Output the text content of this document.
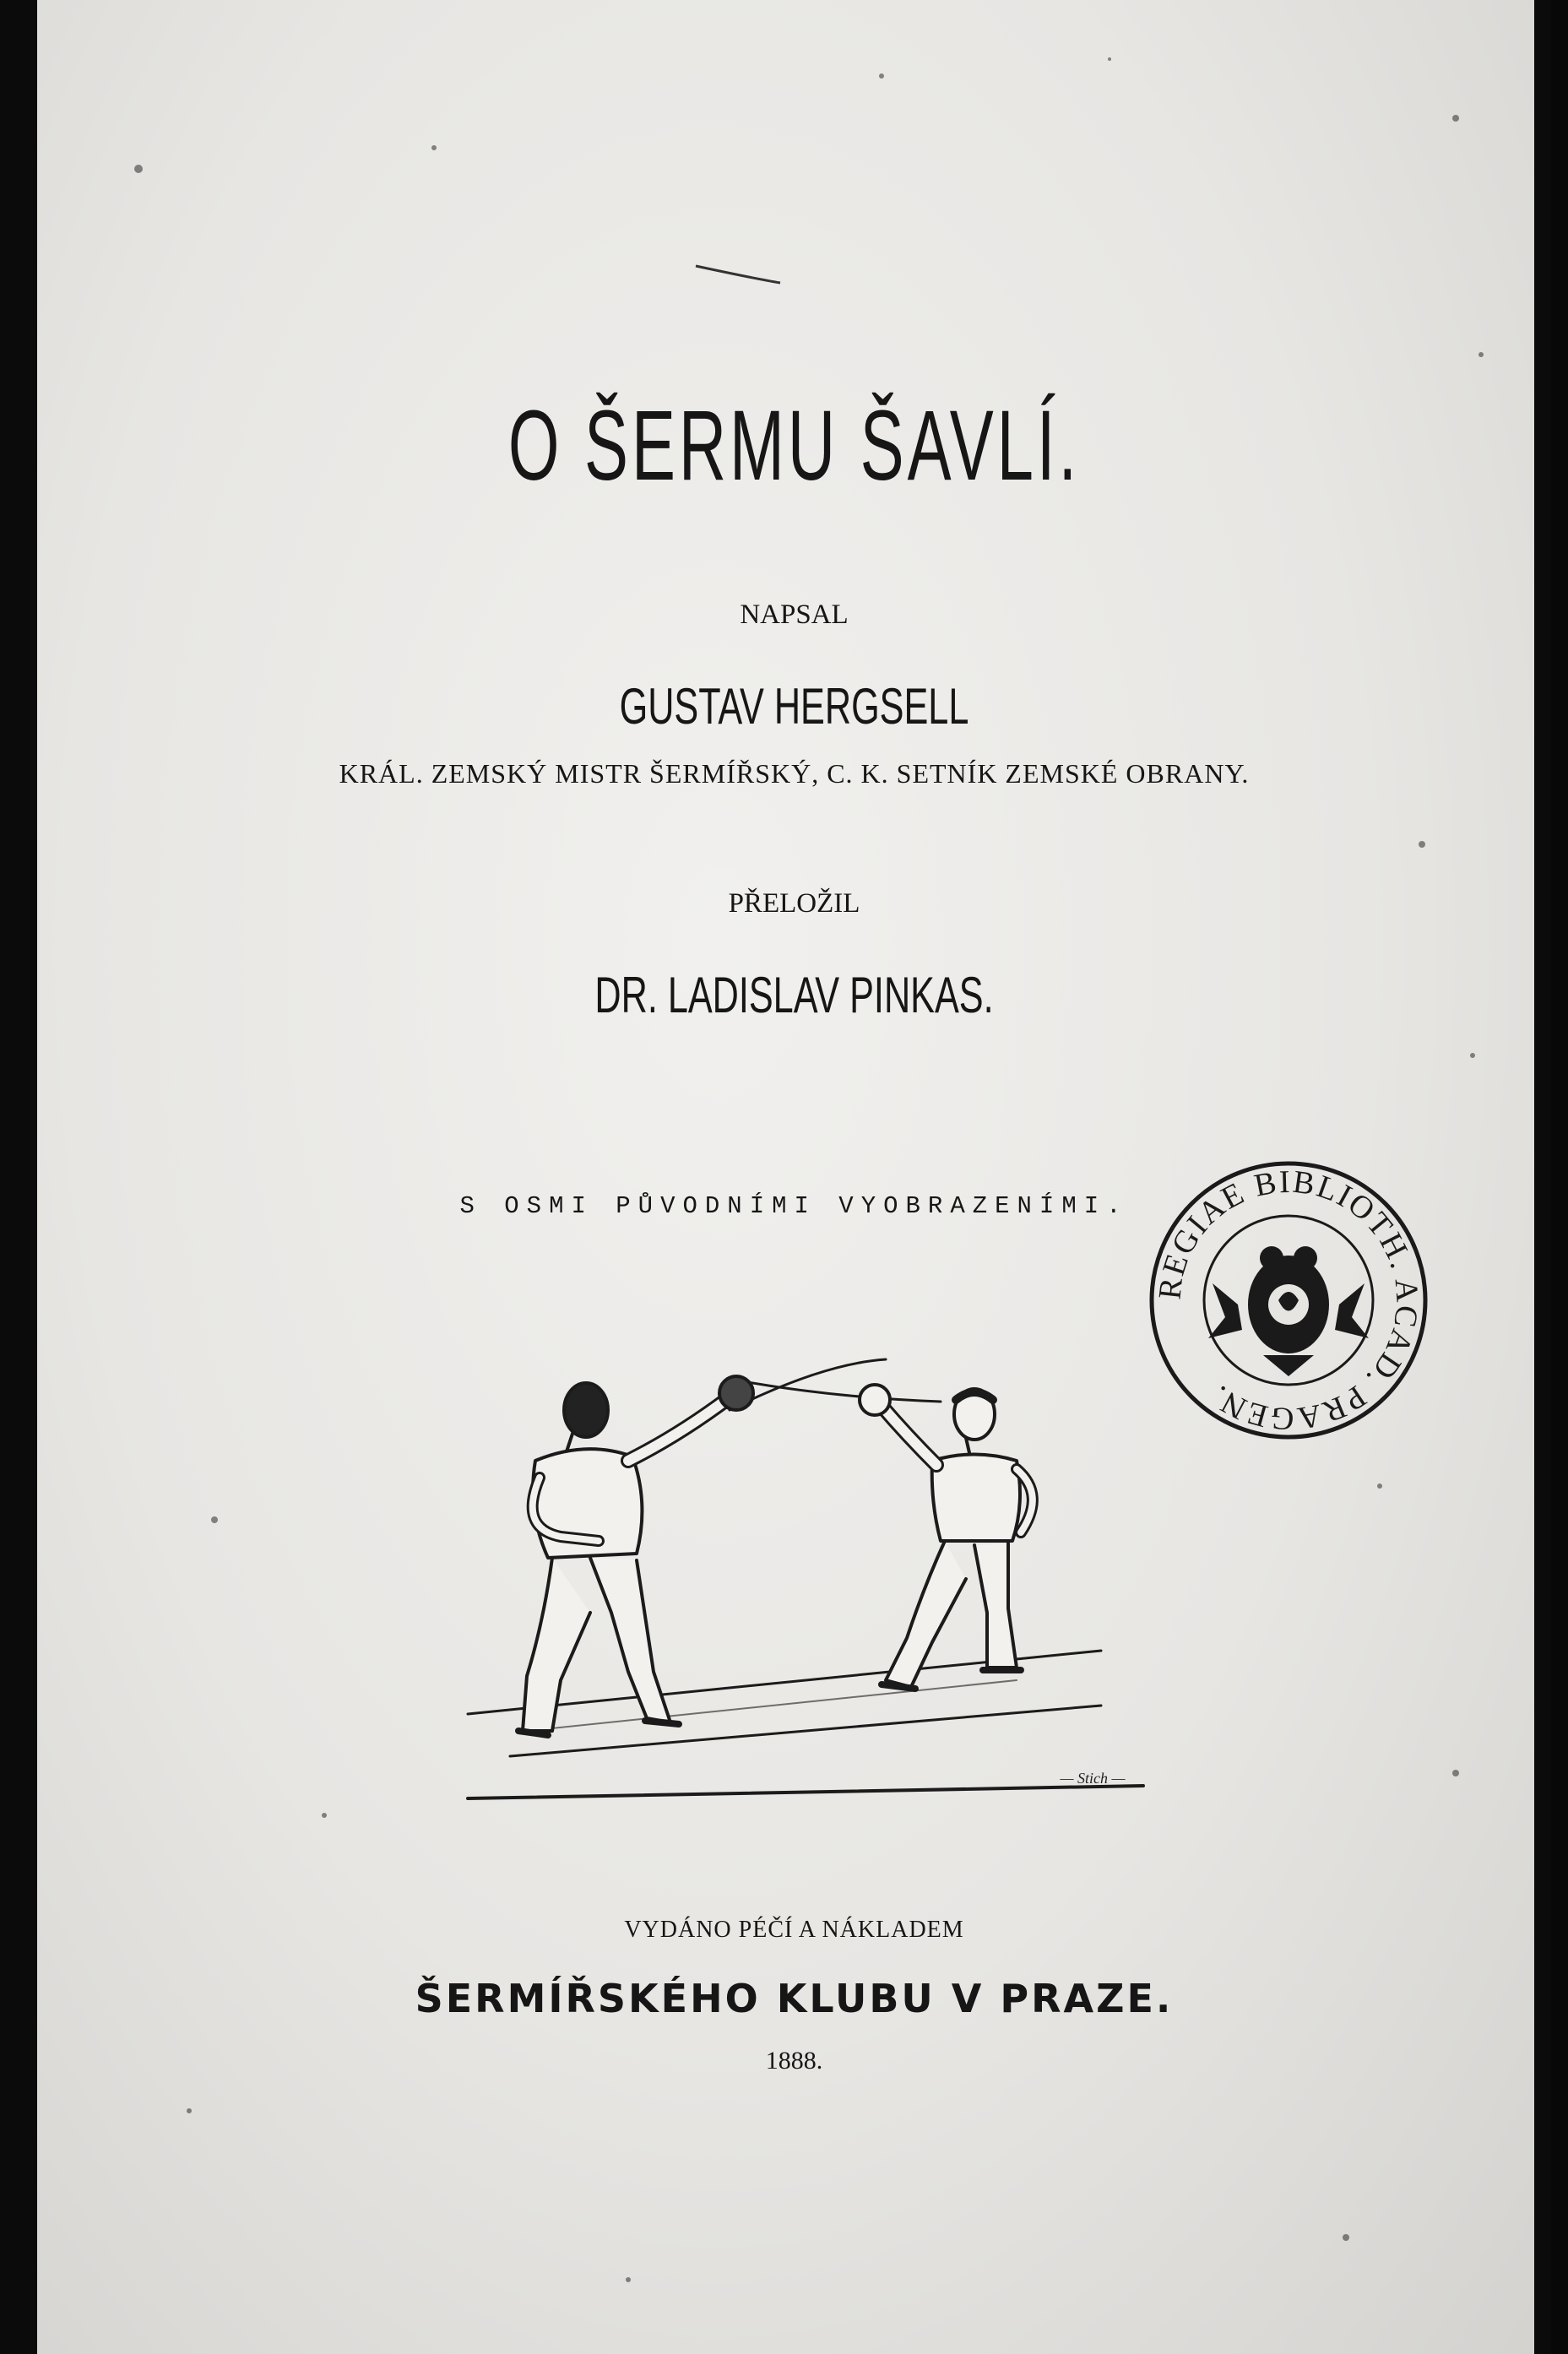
O ŠERMU ŠAVLÍ.
NAPSAL
GUSTAV HERGSELL
KRÁL. ZEMSKÝ MISTR ŠERMÍŘSKÝ, C. K. SETNÍK ZEMSKÉ OBRANY.
PŘELOŽIL
DR. LADISLAV PINKAS.
S OSMI PŮVODNÍMI VYOBRAZENÍMI.
REGIAE BIBLIOTH. ACAD. PRAGEN.
— Stich —
VYDÁNO PÉČÍ A NÁKLADEM
ŠERMÍŘSKÉHO KLUBU V PRAZE.
1888.
